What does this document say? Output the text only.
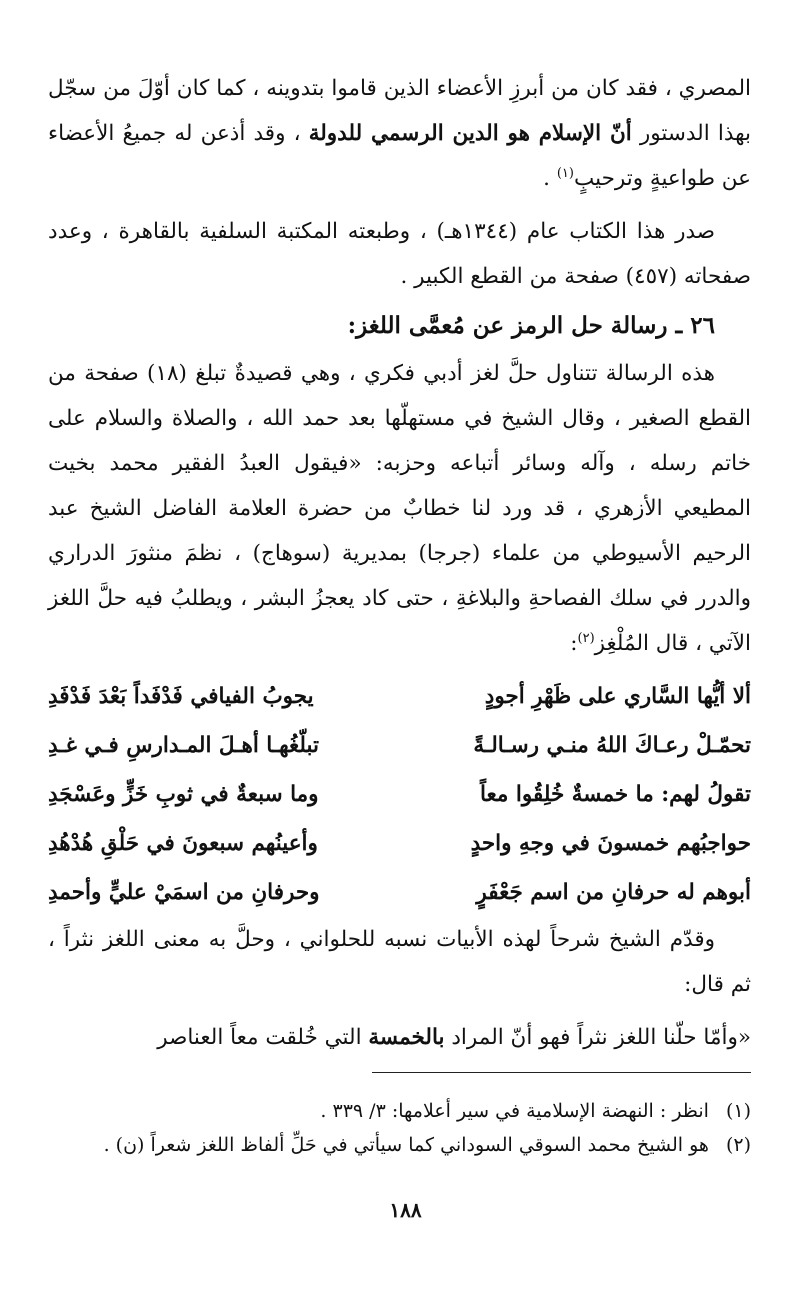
المصري ، فقد كان من أبرزِ الأعضاء الذين قاموا بتدوينه ، كما كان أوّلَ من سجّل بهذا الدستور أنّ الإسلام هو الدين الرسمي للدولة ، وقد أذعن له جميعُ الأعضاء عن طواعيةٍ وترحيبٍ$^{(١)}$ .

صدر هذا الكتاب عام (١٣٤٤هـ) ، وطبعته المكتبة السلفية بالقاهرة ، وعدد صفحاته (٤٥٧) صفحة من القطع الكبير .

٢٦ ـ رسالة حل الرمز عن مُعمَّى اللغز:

هذه الرسالة تتناول حلَّ لغز أدبي فكري ، وهي قصيدةٌ تبلغ (١٨) صفحة من القطع الصغير ، وقال الشيخ في مستهلّها بعد حمد الله ، والصلاة والسلام على خاتم رسله ، وآله وسائر أتباعه وحزبه: «فيقول العبدُ الفقير محمد بخيت المطيعي الأزهري ، قد ورد لنا خطابٌ من حضرة العلامة الفاضل الشيخ عبد الرحيم الأسيوطي من علماء (جرجا) بمديرية (سوهاج) ، نظمَ منثورَ الدراري والدرر في سلك الفصاحةِ والبلاغةِ ، حتى كاد يعجزُ البشر ، ويطلبُ فيه حلَّ اللغز الآتي ، قال المُلْغِز$^{(٢)}$:

ألا أيُّها السَّاري على ظَهْرِ أجودٍ
يجوبُ الفيافي فَدْفَداً بَعْدَ فَدْفَدِ
تحمّـلْ رعـاكَ اللهُ منـي رسـالـةً
تبلّغُهـا أهـلَ المـدارسِ فـي غـدِ
تقولُ لهم: ما خمسةٌ خُلِقُوا معاً
وما سبعةٌ في ثوبِ خَزٍّ وعَسْجَدِ
حواجبُهم خمسونَ في وجهِ واحدٍ
وأعينُهم سبعونَ في حَلْقِ هُدْهُدِ
أبوهم له حرفانِ من اسم جَعْفَرٍ
وحرفانِ من اسمَيْ عليٍّ وأحمدِ

وقدّم الشيخ شرحاً لهذه الأبيات نسبه للحلواني ، وحلَّ به معنى اللغز نثراً ، ثم قال:

«وأمّا حلّنا اللغز نثراً فهو أنّ المراد بالخمسة التي خُلقت معاً العناصر

(١) انظر : النهضة الإسلامية في سير أعلامها: ٣/ ٣٣٩ .

(٢) هو الشيخ محمد السوقي السوداني كما سيأتي في حَلِّ ألفاظ اللغز شعراً (ن) .

١٨٨
